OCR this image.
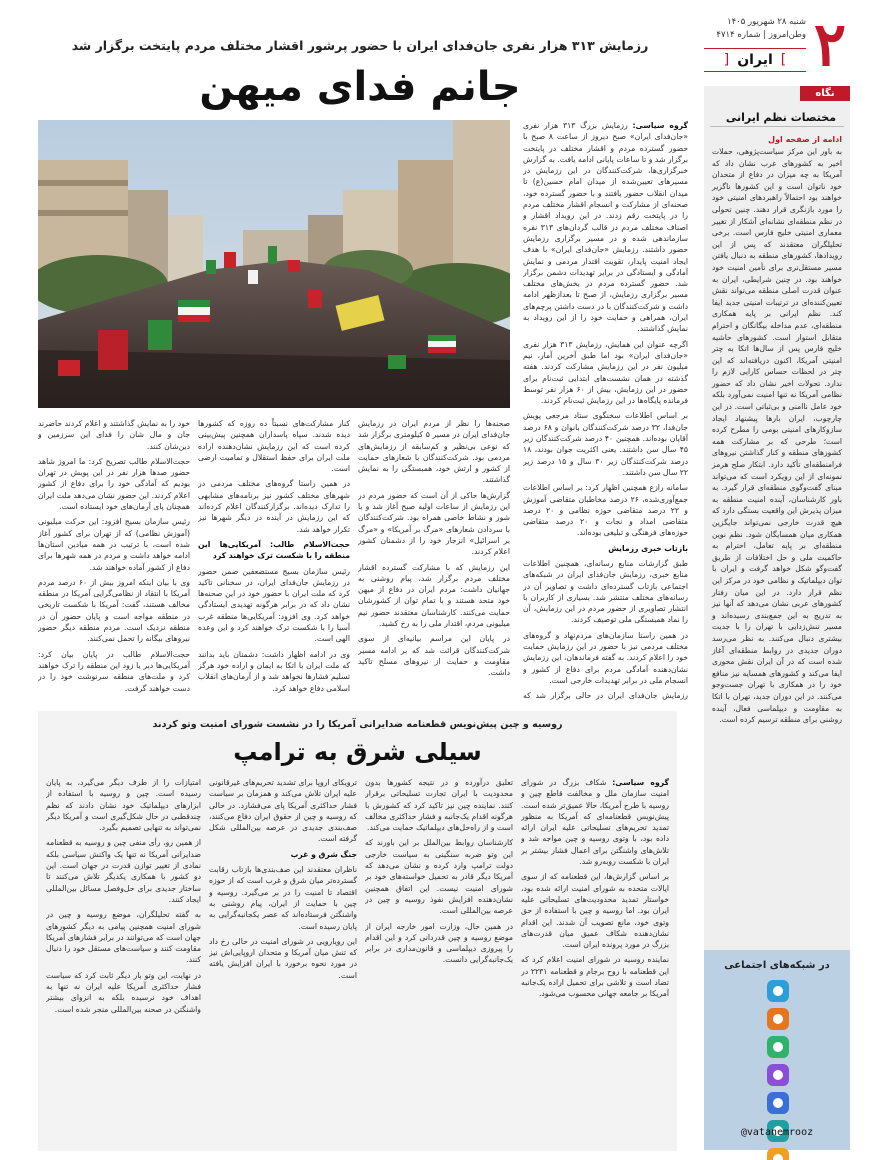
۲
شنبه ۲۸ شهریور ۱۴۰۵
وطن‌امروز | شماره ۴۷۱۴
]ایران[
رزمایش ۳۱۳ هزار نفری جان‌فدای ایران با حضور پرشور اقشار مختلف مردم پایتخت برگزار شد
جانم فدای میهن	نگاه
مختصات نظم ایرانی
ادامه از صفحه اول
به باور این مرکز سیاست‌پژوهی، حملات اخیر به کشورهای عرب نشان داد که آمریکا به چه میزان در دفاع از متحدان خود ناتوان است و این کشورها ناگزیر خواهند بود احتمالاً راهبردهای امنیتی خود را مورد بازنگری قرار دهند. چنین تحولی در نظم منطقه‌ای نشانه‌ای آشکار از تغییر معماری امنیتی خلیج فارس است. برخی تحلیلگران معتقدند که پس از این رویدادها، کشورهای منطقه به دنبال یافتن مسیر مستقل‌تری برای تأمین امنیت خود خواهند بود. در چنین شرایطی، ایران به عنوان قدرت اصلی منطقه می‌تواند نقش تعیین‌کننده‌ای در ترتیبات امنیتی جدید ایفا کند. نظم ایرانی بر پایه همکاری منطقه‌ای، عدم مداخله بیگانگان و احترام متقابل استوار است. کشورهای حاشیه خلیج فارس پس از سال‌ها اتکا به چتر امنیتی آمریکا، اکنون دریافته‌اند که این چتر در لحظات حساس کارایی لازم را ندارد. تحولات اخیر نشان داد که حضور نظامی آمریکا نه تنها امنیت نمی‌آورد بلکه خود عامل ناامنی و بی‌ثباتی است. در این چارچوب، ایران بارها پیشنهاد ایجاد سازوکارهای امنیتی بومی را مطرح کرده است؛ طرحی که بر مشارکت همه کشورهای منطقه و کنار گذاشتن نیروهای فرامنطقه‌ای تأکید دارد. ابتکار صلح هرمز نمونه‌ای از این رویکرد است که می‌تواند مبنای گفت‌وگوی منطقه‌ای قرار گیرد. به باور کارشناسان، آینده امنیت منطقه به میزان پذیرش این واقعیت بستگی دارد که هیچ قدرت خارجی نمی‌تواند جایگزین همکاری میان همسایگان شود. نظم نوین منطقه‌ای بر پایه تعامل، احترام به حاکمیت ملی و حل اختلافات از طریق گفت‌وگو شکل خواهد گرفت و ایران با توان دیپلماتیک و نظامی خود در مرکز این نظم قرار دارد. در این میان رفتار کشورهای عربی نشان می‌دهد که آنها نیز به تدریج به این جمع‌بندی رسیده‌اند و مسیر تنش‌زدایی با تهران را با جدیت بیشتری دنبال می‌کنند. به نظر می‌رسد دوران جدیدی در روابط منطقه‌ای آغاز شده است که در آن ایران نقش محوری ایفا می‌کند و کشورهای همسایه نیز منافع خود را در همکاری با تهران جست‌وجو می‌کنند. در این دوران جدید، تهران با اتکا به مقاومت و دیپلماسی فعال، آینده روشنی برای منطقه ترسیم کرده است.
در شبکه‌های اجتماعی
@vatanemrooz

گروه سیاسی: رزمایش بزرگ ۳۱۳ هزار نفری «جان‌فدای ایران» صبح دیروز از ساعت ۸ صبح با حضور گسترده مردم و اقشار مختلف در پایتخت برگزار شد و تا ساعات پایانی ادامه یافت. به گزارش خبرگزاری‌ها، شرکت‌کنندگان در این رزمایش در مسیرهای تعیین‌شده از میدان امام حسین(ع) تا میدان انقلاب حضور یافتند و با حضور گسترده خود، صحنه‌ای از مشارکت و انسجام اقشار مختلف مردم را در پایتخت رقم زدند. در این رویداد اقشار و اصناف مختلف مردم در قالب گردان‌های ۳۱۳ نفره سازماندهی شده و در مسیر برگزاری رزمایش حضور داشتند. رزمایش «جان‌فدای ایران» با هدف ایجاد امنیت پایدار، تقویت اقتدار مردمی و نمایش آمادگی و ایستادگی در برابر تهدیدات دشمن برگزار شد. حضور گسترده مردم در بخش‌های مختلف مسیر برگزاری رزمایش، از صبح تا بعدازظهر ادامه داشت و شرکت‌کنندگان با در دست داشتن پرچم‌های ایران، همراهی و حمایت خود را از این رویداد به نمایش گذاشتند.

اگرچه عنوان این همایش، رزمایش ۳۱۳ هزار نفری «جان‌فدای ایران» بود اما طبق آخرین آمار، نیم میلیون نفر در این رزمایش مشارکت کردند. هفته گذشته در همان نشست‌های ابتدایی ثبت‌نام برای حضور در این رزمایش، بیش از ۶۰ هزار نفر توسط فرمانده پایگاه‌ها در این رزمایش ثبت‌نام کردند.

بر اساس اطلاعات سخنگوی ستاد مرجعی پویش جان‌فدا، ۳۲ درصد شرکت‌کنندگان بانوان و ۶۸ درصد آقایان بوده‌اند. همچنین ۴۰ درصد شرکت‌کنندگان زیر ۴۵ سال سن داشتند. یعنی اکثریت جوان بودند، ۱۸ درصد شرکت‌کنندگان زیر ۳۰ سال و ۱۵ درصد زیر ۲۲ سال سن داشتند.

سامانه رازع همچنین اظهار کرد: بر اساس اطلاعات جمع‌آوری‌شده، ۲۶ درصد مخاطبان متقاضی آموزش و ۲۲ درصد متقاضی حوزه نظامی و ۲۰ درصد متقاضی امداد و نجات و ۲۰ درصد متقاضی حوزه‌های فرهنگی و تبلیغی بوده‌اند.

بازتاب خبری رزمایش

طبق گزارشات منابع رسانه‌ای، همچنین اطلاعات منابع خبری، رزمایش جان‌فدای ایران در شبکه‌های اجتماعی بازتاب گسترده‌ای داشت و تصاویر آن در رسانه‌های مختلف منتشر شد. بسیاری از کاربران با انتشار تصاویری از حضور مردم در این رزمایش، آن را نماد همبستگی ملی توصیف کردند.

در همین راستا سازمان‌های مردم‌نهاد و گروه‌های مختلف مردمی نیز با حضور در این رزمایش حمایت خود را اعلام کردند. به گفته فرماندهان، این رزمایش نشان‌دهنده آمادگی مردم برای دفاع از کشور و انسجام ملی در برابر تهدیدات خارجی است.

رزمایش جان‌فدای ایران در حالی برگزار شد که

صحنه‌ها را نظر از مردم ایران در رزمایش جان‌فدای ایران در مسیر ۵ کیلومتری برگزار شد که نوعی بی‌نظیر و کم‌سابقه از رزمایش‌های مردمی بود. شرکت‌کنندگان با شعارهای حمایت از کشور و ارتش خود، همبستگی را به نمایش گذاشتند.

گزارش‌ها حاکی از آن است که حضور مردم در این رزمایش از ساعات اولیه صبح آغاز شد و با شور و نشاط خاصی همراه بود. شرکت‌کنندگان با سردادن شعارهای «مرگ بر آمریکا» و «مرگ بر اسرائیل» انزجار خود را از دشمنان کشور اعلام کردند.

این رزمایش که با مشارکت گسترده اقشار مختلف مردم برگزار شد، پیام روشنی به جهانیان داشت: مردم ایران در دفاع از میهن خود متحد هستند و با تمام توان از کشورشان حمایت می‌کنند. کارشناسان معتقدند حضور نیم میلیونی مردم، اقتدار ملی را به رخ کشید.

در پایان این مراسم بیانیه‌ای از سوی شرکت‌کنندگان قرائت شد که بر ادامه مسیر مقاومت و حمایت از نیروهای مسلح تاکید داشت.

کنار مشارکت‌های نسبتاً ده روزه که کشورها دیده شدند. سپاه پاسداران همچنین پیش‌بینی کرده است که این رزمایش نشان‌دهنده اراده ملت ایران برای حفظ استقلال و تمامیت ارضی است.

در همین راستا گروه‌های مختلف مردمی در شهرهای مختلف کشور نیز برنامه‌های مشابهی را تدارک دیده‌اند. برگزارکنندگان اعلام کرده‌اند که این رزمایش در آینده در دیگر شهرها نیز تکرار خواهد شد.

حجت‌الاسلام طالب: آمریکایی‌ها این منطقه را با شکست ترک خواهند کرد

رئیس سازمان بسیج مستضعفین ضمن حضور در رزمایش جان‌فدای ایران، در سخنانی تاکید کرد که ملت ایران با حضور خود در این صحنه‌ها نشان داد که در برابر هرگونه تهدیدی ایستادگی خواهد کرد. وی افزود: آمریکایی‌ها منطقه غرب آسیا را با شکست ترک خواهند کرد و این وعده الهی است.

وی در ادامه اظهار داشت: دشمنان باید بدانند که ملت ایران با اتکا به ایمان و اراده خود هرگز تسلیم فشارها نخواهد شد و از آرمان‌های انقلاب اسلامی دفاع خواهد کرد.

خود را به نمایش گذاشتند و اعلام کردند حاضرند جان و مال شان را فدای این سرزمین و دین‌شان کنند.

حجت‌الاسلام طالب تصریح کرد: ما امروز شاهد حضور صدها هزار نفر در این پویش در تهران بودیم که آمادگی خود را برای دفاع از کشور اعلام کردند. این حضور نشان می‌دهد ملت ایران همچنان پای آرمان‌های خود ایستاده است.

رئیس سازمان بسیج افزود: این حرکت میلیونی (آموزش نظامی) که از تهران برای کشور آغاز شده است، با ترتیب در همه میادین استان‌ها ادامه خواهد داشت و مردم در همه شهرها برای دفاع از کشور آماده خواهند شد.

وی با بیان اینکه امروز بیش از ۶۰ درصد مردم آمریکا با انتقاد از نظامی‌گرایی آمریکا در منطقه مخالف هستند، گفت: آمریکا با شکست تاریخی در منطقه مواجه است و پایان حضور آن در منطقه نزدیک است. مردم منطقه دیگر حضور نیروهای بیگانه را تحمل نمی‌کنند.

حجت‌الاسلام طالب در پایان بیان کرد: آمریکایی‌ها دیر یا زود این منطقه را ترک خواهند کرد و ملت‌های منطقه سرنوشت خود را در دست خواهند گرفت.

روسیه و چین پیش‌نویس قطعنامه ضدایرانی آمریکا را در نشست شورای امنیت وتو کردند
سیلی شرق به ترامپ

گروه سیاسی: شکاف بزرگ در شورای امنیت سازمان ملل و مخالفت قاطع چین و روسیه با طرح آمریکا، حالا عمیق‌تر شده است. پیش‌نویس قطعنامه‌ای که آمریکا به منظور تمدید تحریم‌های تسلیحاتی علیه ایران ارائه داده بود، با وتوی روسیه و چین مواجه شد و تلاش‌های واشنگتن برای اعمال فشار بیشتر بر ایران با شکست روبه‌رو شد.

بر اساس گزارش‌ها، این قطعنامه که از سوی ایالات متحده به شورای امنیت ارائه شده بود، خواستار تمدید محدودیت‌های تسلیحاتی علیه ایران بود. اما روسیه و چین با استفاده از حق وتوی خود، مانع تصویب آن شدند. این اقدام نشان‌دهنده شکاف عمیق میان قدرت‌های بزرگ در مورد پرونده ایران است.

نماینده روسیه در شورای امنیت اعلام کرد که این قطعنامه با روح برجام و قطعنامه ۲۲۳۱ در تضاد است و تلاشی برای تحمیل اراده یک‌جانبه آمریکا بر جامعه جهانی محسوب می‌شود.

تعلیق درآورده و در نتیجه کشورها بدون محدودیت با ایران تجارت تسلیحاتی برقرار کنند. نماینده چین نیز تاکید کرد که کشورش با هرگونه اقدام یک‌جانبه و فشار حداکثری مخالف است و از راه‌حل‌های دیپلماتیک حمایت می‌کند.

کارشناسان روابط بین‌الملل بر این باورند که این وتو ضربه سنگینی به سیاست خارجی دولت ترامپ وارد کرده و نشان می‌دهد که آمریکا دیگر قادر به تحمیل خواسته‌های خود بر شورای امنیت نیست. این اتفاق همچنین نشان‌دهنده افزایش نفوذ روسیه و چین در عرصه بین‌المللی است.

در همین حال، وزارت امور خارجه ایران از موضع روسیه و چین قدردانی کرد و این اقدام را پیروزی دیپلماسی و قانون‌مداری در برابر یک‌جانبه‌گرایی دانست.

ترویکای اروپا برای تشدید تحریم‌های غیرقانونی علیه ایران تلاش می‌کند و همزمان بر سیاست فشار حداکثری آمریکا پای می‌فشارد. در حالی که روسیه و چین از حقوق ایران دفاع می‌کنند، صف‌بندی جدیدی در عرصه بین‌المللی شکل گرفته است.

جنگ شرق و غرب

ناظران معتقدند این صف‌بندی‌ها بازتاب رقابت گسترده‌تر میان شرق و غرب است که از حوزه اقتصاد تا امنیت را در بر می‌گیرد. روسیه و چین با حمایت از ایران، پیام روشنی به واشنگتن فرستاده‌اند که عصر یکجانبه‌گرایی به پایان رسیده است.

این رویارویی در شورای امنیت در حالی رخ داد که تنش میان آمریکا و متحدان اروپایی‌اش نیز در مورد نحوه برخورد با ایران افزایش یافته است.

امتیازات را از طرف دیگر می‌گیرد، به پایان رسیده است. چین و روسیه با استفاده از ابزارهای دیپلماتیک خود نشان دادند که نظم چندقطبی در حال شکل‌گیری است و آمریکا دیگر نمی‌تواند به تنهایی تصمیم بگیرد.

از همین رو، رأی منفی چین و روسیه به قطعنامه ضدایرانی آمریکا نه تنها یک واکنش سیاسی بلکه نمادی از تغییر توازن قدرت در جهان است. این دو کشور با همکاری یکدیگر تلاش می‌کنند تا ساختار جدیدی برای حل‌وفصل مسائل بین‌المللی ایجاد کنند.

به گفته تحلیلگران، موضع روسیه و چین در شورای امنیت همچنین پیامی به دیگر کشورهای جهان است که می‌توانند در برابر فشارهای آمریکا مقاومت کنند و سیاست‌های مستقل خود را دنبال کنند.

در نهایت، این وتو بار دیگر ثابت کرد که سیاست فشار حداکثری آمریکا علیه ایران نه تنها به اهداف خود نرسیده بلکه به انزوای بیشتر واشنگتن در صحنه بین‌المللی منجر شده است.
